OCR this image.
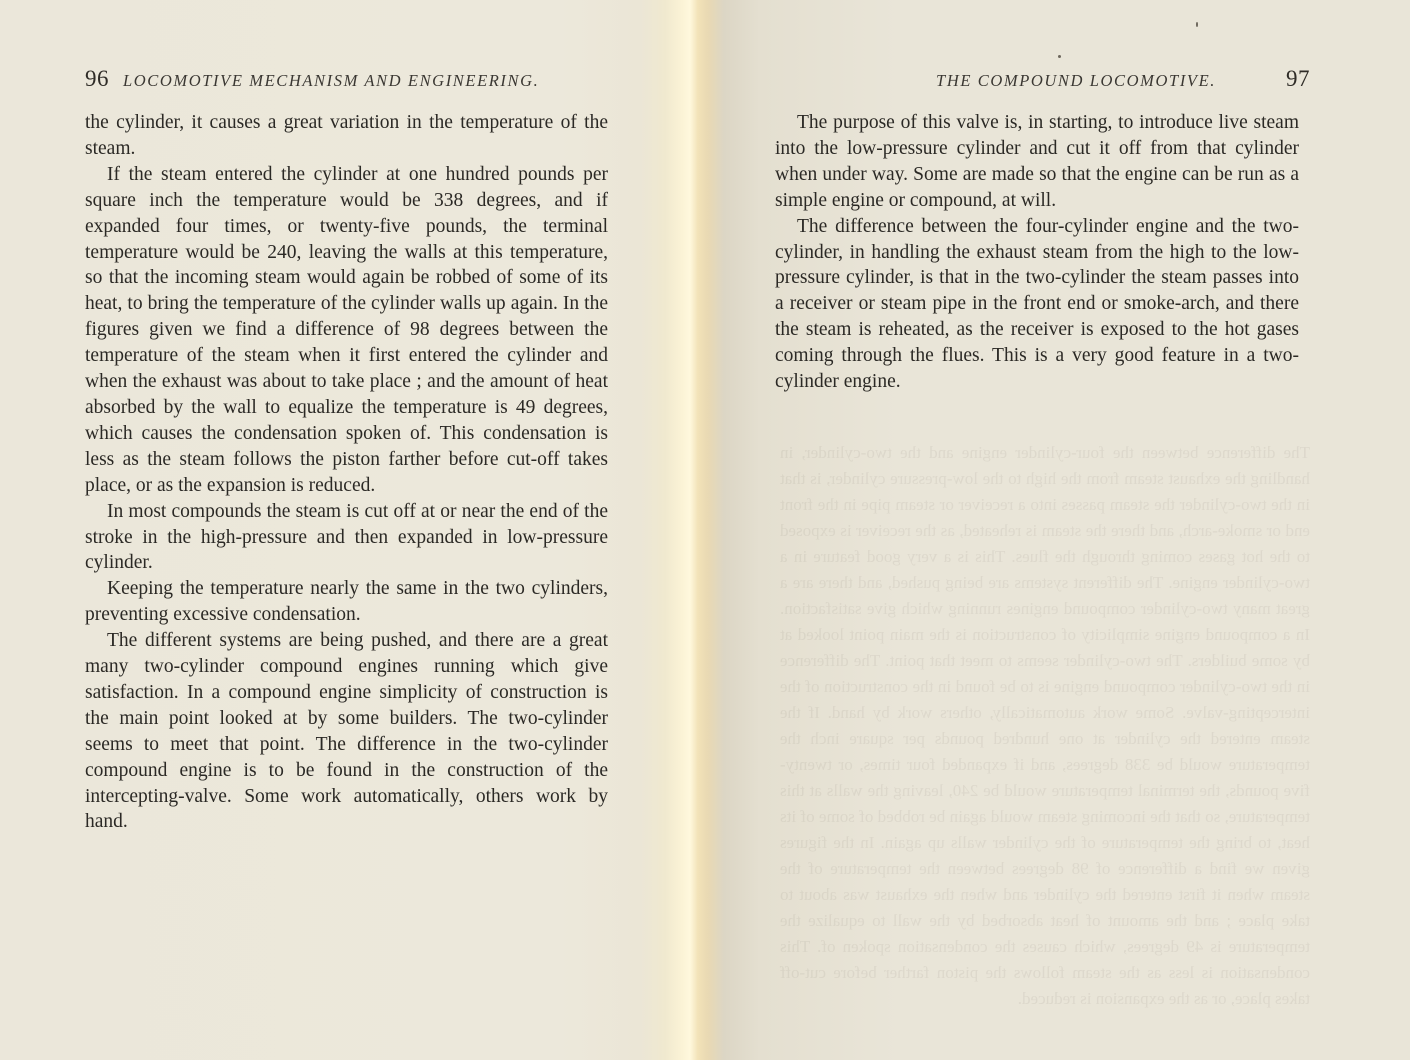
96 LOCOMOTIVE MECHANISM AND ENGINEERING.

the cylinder, it causes a great variation in the temperature of the steam.

If the steam entered the cylinder at one hundred pounds per square inch the temperature would be 338 degrees, and if expanded four times, or twenty-five pounds, the terminal temperature would be 240, leaving the walls at this temperature, so that the incoming steam would again be robbed of some of its heat, to bring the temperature of the cylinder walls up again. In the figures given we find a difference of 98 degrees between the temperature of the steam when it first entered the cylinder and when the exhaust was about to take place ; and the amount of heat absorbed by the wall to equalize the temperature is 49 degrees, which causes the condensation spoken of. This condensation is less as the steam follows the piston farther before cut-off takes place, or as the expansion is reduced.

In most compounds the steam is cut off at or near the end of the stroke in the high-pressure and then expanded in low-pressure cylinder.

Keeping the temperature nearly the same in the two cylinders, preventing excessive condensation.

The different systems are being pushed, and there are a great many two-cylinder compound engines running which give satisfaction. In a compound engine simplicity of construction is the main point looked at by some builders. The two-cylinder seems to meet that point. The difference in the two-cylinder compound engine is to be found in the construction of the intercepting-valve. Some work automatically, others work by hand.

THE COMPOUND LOCOMOTIVE.	97

The purpose of this valve is, in starting, to introduce live steam into the low-pressure cylinder and cut it off from that cylinder when under way. Some are made so that the engine can be run as a simple engine or compound, at will.

The difference between the four-cylinder engine and the two-cylinder, in handling the exhaust steam from the high to the low-pressure cylinder, is that in the two-cylinder the steam passes into a receiver or steam pipe in the front end or smoke-arch, and there the steam is reheated, as the receiver is exposed to the hot gases coming through the flues. This is a very good feature in a two-cylinder engine.

The difference between the four-cylinder engine and the two-cylinder, in handling the exhaust steam from the high to the low-pressure cylinder, is that in the two-cylinder the steam passes into a receiver or steam pipe in the front end or smoke-arch, and there the steam is reheated, as the receiver is exposed to the hot gases coming through the flues. This is a very good feature in a two-cylinder engine. The different systems are being pushed, and there are a great many two-cylinder compound engines running which give satisfaction. In a compound engine simplicity of construction is the main point looked at by some builders. The two-cylinder seems to meet that point. The difference in the two-cylinder compound engine is to be found in the construction of the intercepting-valve. Some work automatically, others work by hand. If the steam entered the cylinder at one hundred pounds per square inch the temperature would be 338 degrees, and if expanded four times, or twenty-five pounds, the terminal temperature would be 240, leaving the walls at this temperature, so that the incoming steam would again be robbed of some of its heat, to bring the temperature of the cylinder walls up again. In the figures given we find a difference of 98 degrees between the temperature of the steam when it first entered the cylinder and when the exhaust was about to take place ; and the amount of heat absorbed by the wall to equalize the temperature is 49 degrees, which causes the condensation spoken of. This condensation is less as the steam follows the piston farther before cut-off takes place, or as the expansion is reduced.
